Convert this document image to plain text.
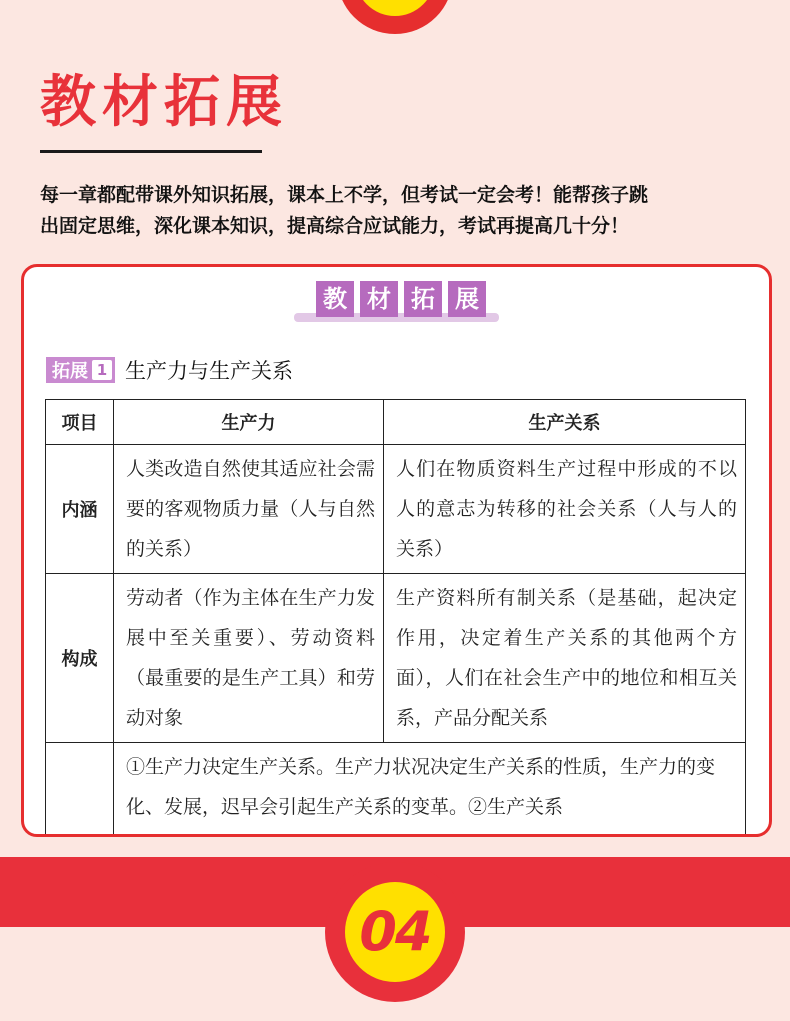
教材拓展

每一章都配带课外知识拓展，课本上不学，但考试一定会考！能帮孩子跳

出固定思维，深化课本知识，提高综合应试能力，考试再提高几十分！

教 材 拓 展
拓展 1 生产力与生产关系
项目	生产力	生产关系
内涵	人类改造自然使其适应社会需要的客观物质力量（人与自然的关系）	人们在物质资料生产过程中形成的不以人的意志为转移的社会关系（人与人的关系）
构成	劳动者（作为主体在生产力发展中至关重要）、劳动资料（最重要的是生产工具）和劳动对象	生产资料所有制关系（是基础，起决定作用，决定着生产关系的其他两个方面），人们在社会生产中的地位和相互关系，产品分配关系
	①生产力决定生产关系。生产力状况决定生产关系的性质，生产力的变化、发展，迟早会引起生产关系的变革。②生产关系	
04
